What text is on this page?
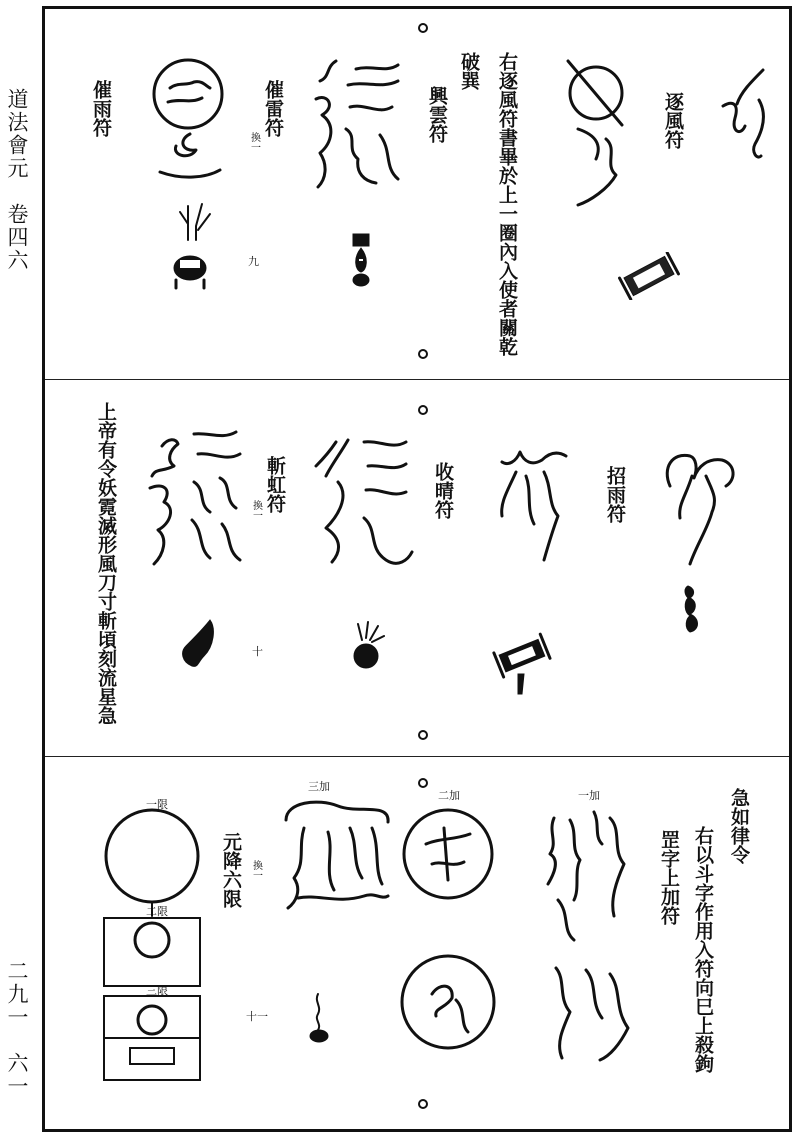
道法會元　卷四六
二九一　六一
逐風符
右逐風符書畢於上一圈內入使者關乾
破巽
興雲符
催雷符
換一
九
催雨符
招雨符
收晴符
斬虹符
換一
十
上帝有令妖霓滅形風刀寸斬頃刻流星急
急如律令
右以斗字作用入符向巳上殺鉤
罡字上加符
一加
二加
三加
元降六限 換一
十一
一限
二限
三限
